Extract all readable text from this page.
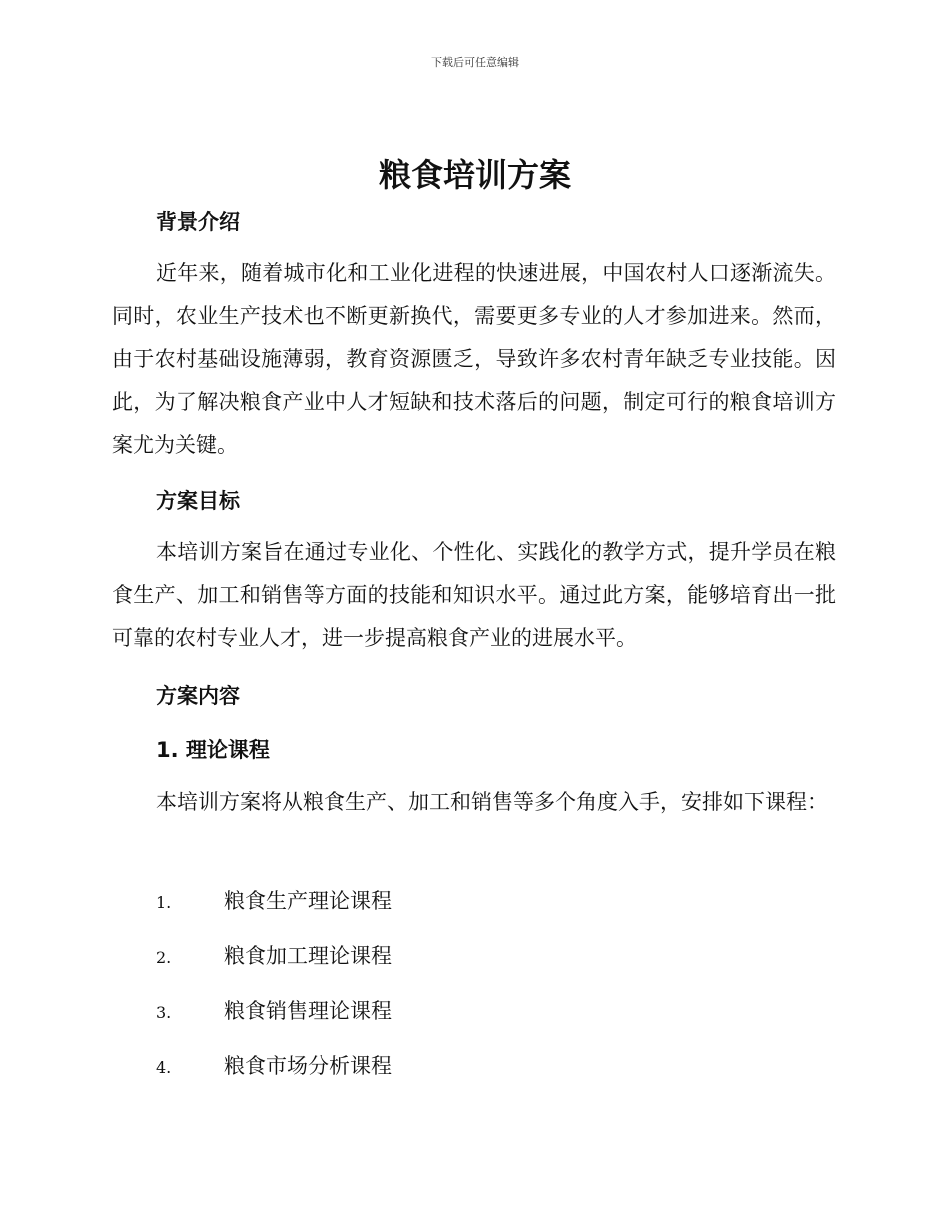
下载后可任意编辑
粮食培训方案
背景介绍

近年来，随着城市化和工业化进程的快速进展，中国农村人口逐渐流失。同时，农业生产技术也不断更新换代，需要更多专业的人才参加进来。然而，由于农村基础设施薄弱，教育资源匮乏，导致许多农村青年缺乏专业技能。因此，为了解决粮食产业中人才短缺和技术落后的问题，制定可行的粮食培训方案尤为关键。

方案目标

本培训方案旨在通过专业化、个性化、实践化的教学方式，提升学员在粮食生产、加工和销售等方面的技能和知识水平。通过此方案，能够培育出一批可靠的农村专业人才，进一步提高粮食产业的进展水平。

方案内容
1. 理论课程

本培训方案将从粮食生产、加工和销售等多个角度入手，安排如下课程：

1.	粮食生产理论课程
2.	粮食加工理论课程
3.	粮食销售理论课程
4.	粮食市场分析课程
